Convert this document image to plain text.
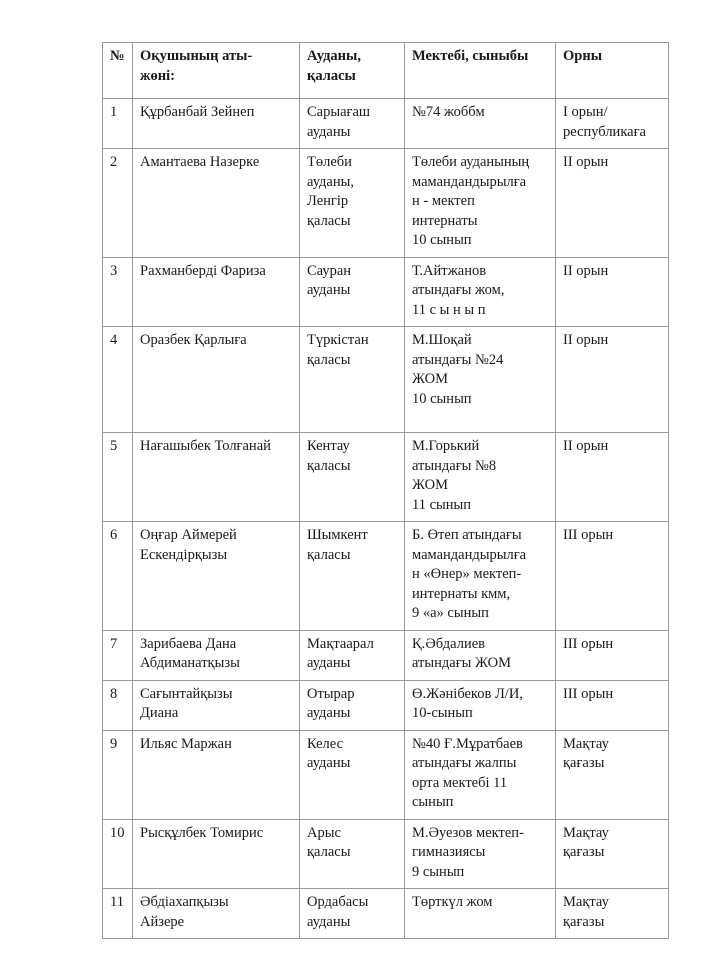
№	Оқушының аты-
жөні:	Ауданы,
қаласы	Мектебі, сыныбы	Орны
1	Құрбанбай Зейнеп	Сарыағаш
ауданы	№74 жоббм	I орын/
республикаға
2	Амантаева Назерке	Төлеби
ауданы,
Ленгір
қаласы	Төлеби ауданының
мамандандырылға
н - мектеп
интернаты
10 сынып	II орын
3	Рахманберді Фариза	Сауран
ауданы	Т.Айтжанов
атындағы жом,
11 с ы н ы п	II орын
4	Оразбек Қарлығa	Түркістан
қаласы	М.Шоқай
атындағы №24
ЖОМ
10 сынып	II орын
5	Нағашыбек Толғанай	Кентау
қаласы	М.Горький
атындағы №8
ЖОМ
11 сынып	II орын
6	Оңғар Аймерей
Ескендірқызы	Шымкент
қаласы	Б. Өтеп атындағы
мамандандырылға
н «Өнер» мектеп-
интернаты кмм,
9 «а» сынып	III орын
7	Зарибаева Дана
Абдиманатқызы	Мақтаарал
ауданы	Қ.Әбдалиев
атындағы ЖОМ	III орын
8	Сағынтайқызы
Диана	Отырар
ауданы	Ө.Жәнібеков Л/И,
10-сынып	III орын
9	Ильяс Маржан	Келес
ауданы	№40 Ғ.Мұратбаев
атындағы жалпы
орта мектебі 11
сынып	Мақтау
қағазы
10	Рысқұлбек Томирис	Арыс
қаласы	М.Әуезов мектеп-
гимназиясы
9 сынып	Мақтау
қағазы
11	Әбдіахапқызы
Айзере	Ордабасы
ауданы	Төрткүл жом	Мақтау
қағазы
